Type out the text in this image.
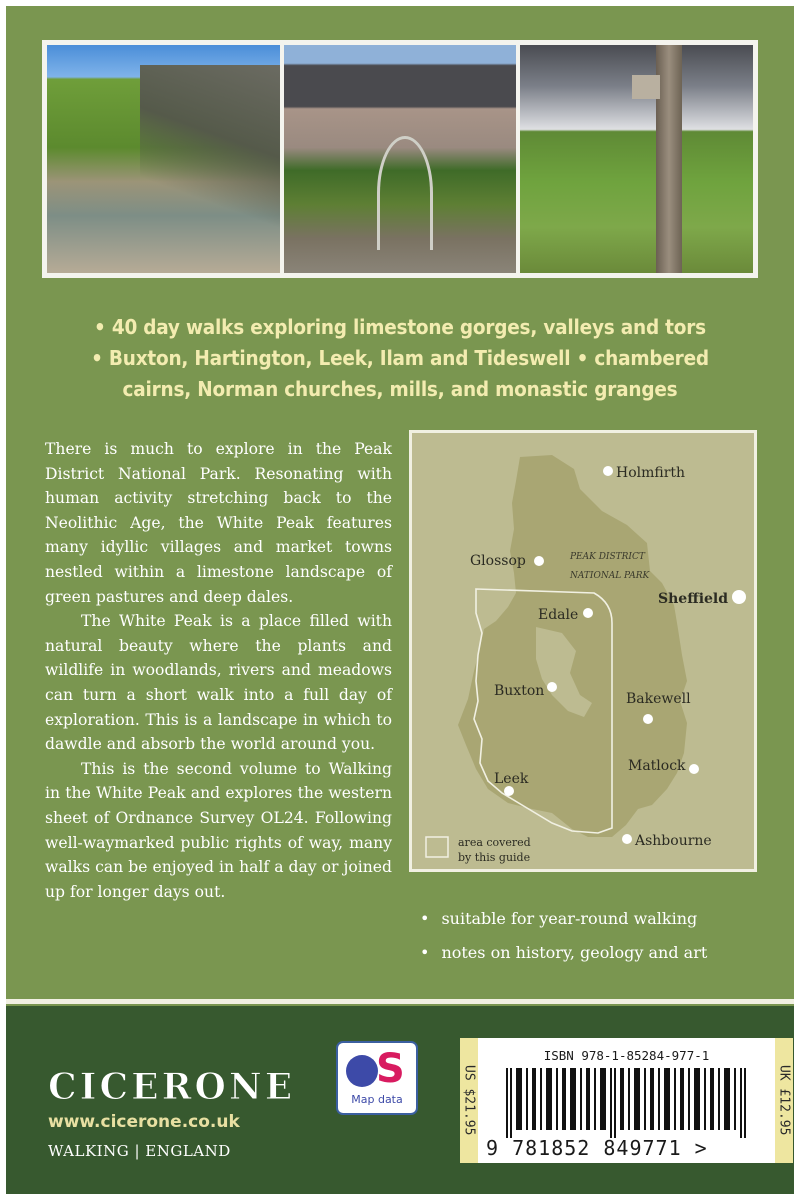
• 40 day walks exploring limestone gorges, valleys and tors
• Buxton, Hartington, Leek, Ilam and Tideswell • chambered
cairns, Norman churches, mills, and monastic granges

There is much to explore in the Peak District National Park. Resonating with human activity stretching back to the Neolithic Age, the White Peak features many idyllic villages and market towns nestled within a limestone landscape of green pastures and deep dales.

The White Peak is a place filled with natural beauty where the plants and wildlife in woodlands, rivers and meadows can turn a short walk into a full day of exploration. This is a landscape in which to dawdle and absorb the world around you.

This is the second volume to Walking in the White Peak and explores the western sheet of Ordnance Survey OL24. Following well-waymarked public rights of way, many walks can be enjoyed in half a day or joined up for longer days out.

Holmfirth
Glossop
Sheffield
Edale
Buxton	Bakewell
Matlock
Leek
Ashbourne
PEAK DISTRICT
NATIONAL PARK
area covered
by this guide
• suitable for year-round walking
• notes on history, geology and art
CICERONE
www.cicerone.co.uk
WALKING | ENGLAND
S
Map data	US $21.95
ISBN 978-1-85284-977-1
9 781852 849771 >
UK £12.95
